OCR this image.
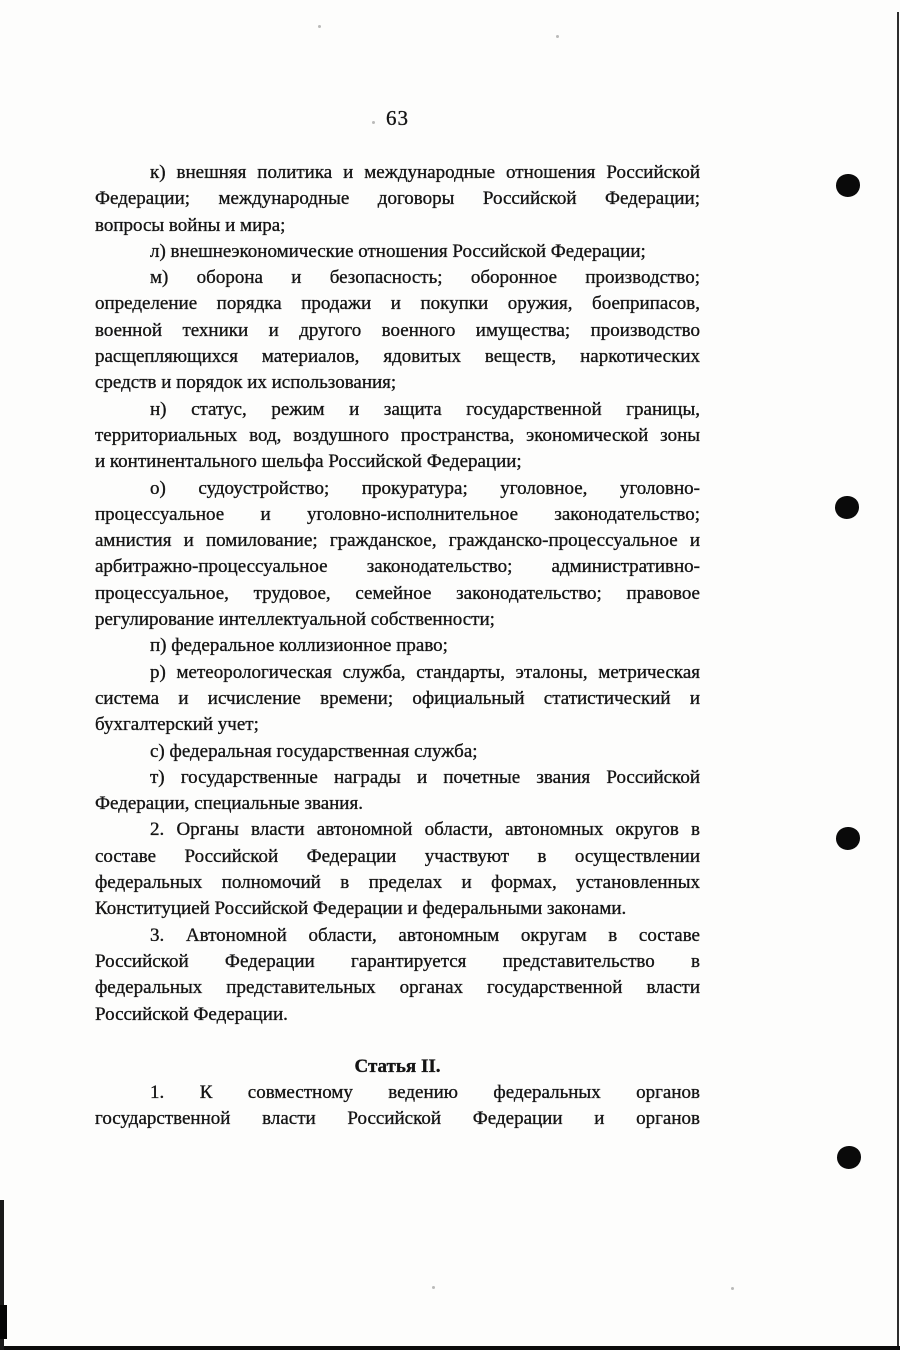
63
к) внешняя политика и международные отношения Российской
Федерации; международные договоры Российской Федерации;
вопросы войны и мира;
л) внешнеэкономические отношения Российской Федерации;
м) оборона и безопасность; оборонное производство;
определение порядка продажи и покупки оружия, боеприпасов,
военной техники и другого военного имущества; производство
расщепляющихся материалов, ядовитых веществ, наркотических
средств и порядок их использования;
н) статус, режим и защита государственной границы,
территориальных вод, воздушного пространства, экономической зоны
и континентального шельфа Российской Федерации;
о) судоустройство; прокуратура; уголовное, уголовно-
процессуальное и уголовно-исполнительное законодательство;
амнистия и помилование; гражданское, гражданско-процессуальное и
арбитражно-процессуальное законодательство; административно-
процессуальное, трудовое, семейное законодательство; правовое
регулирование интеллектуальной собственности;
п) федеральное коллизионное право;
р) метеорологическая служба, стандарты, эталоны, метрическая
система и исчисление времени; официальный статистический и
бухгалтерский учет;
с) федеральная государственная служба;
т) государственные награды и почетные звания Российской
Федерации, специальные звания.
2. Органы власти автономной области, автономных округов в
составе Российской Федерации участвуют в осуществлении
федеральных полномочий в пределах и формах, установленных
Конституцией Российской Федерации и федеральными законами.
3. Автономной области, автономным округам в составе
Российской Федерации гарантируется представительство в
федеральных представительных органах государственной власти
Российской Федерации.
Статья II.
1. К совместному ведению федеральных органов
государственной власти Российской Федерации и органов
